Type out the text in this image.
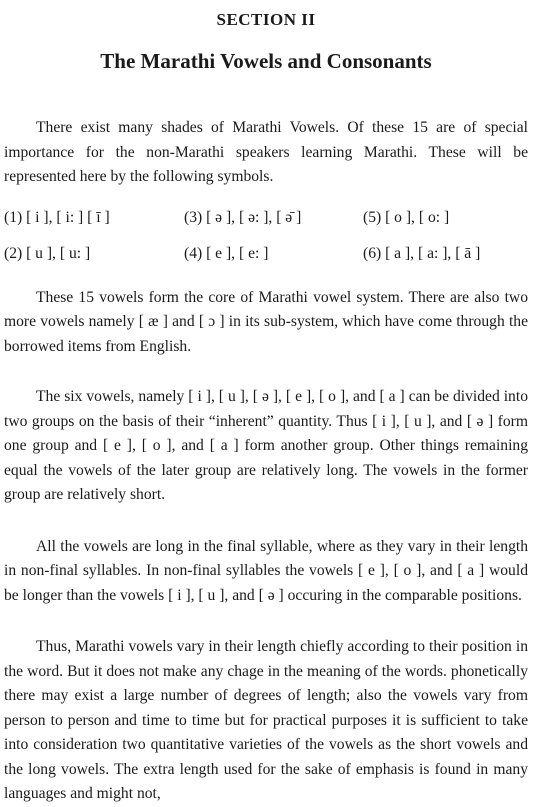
SECTION II
The Marathi Vowels and Consonants

There exist many shades of Marathi Vowels. Of these 15 are of special importance for the non-Marathi speakers learning Marathi. These will be represented here by the following symbols.

(1) [ i ], [ i: ] [ ī ]	(3) [ ə ], [ ə: ], [ ə̄ ]	(5) [ o ], [ o: ]
(2) [ u ], [ u: ]	(4) [ e ], [ e: ]	(6) [ a ], [ a: ], [ ā ]

These 15 vowels form the core of Marathi vowel system. There are also two more vowels namely [ æ ] and [ ɔ ] in its sub-system, which have come through the borrowed items from English.

The six vowels, namely [ i ], [ u ], [ ə ], [ e ], [ o ], and [ a ] can be divided into two groups on the basis of their “inherent” quantity. Thus [ i ], [ u ], and [ ə ] form one group and [ e ], [ o ], and [ a ] form another group. Other things remaining equal the vowels of the later group are relatively long. The vowels in the former group are relatively short.

All the vowels are long in the final syllable, where as they vary in their length in non-final syllables. In non-final syllables the vowels [ e ], [ o ], and [ a ] would be longer than the vowels [ i ], [ u ], and [ ə ] occuring in the comparable positions.

Thus, Marathi vowels vary in their length chiefly according to their position in the word. But it does not make any chage in the meaning of the words. phonetically there may exist a large number of degrees of length; also the vowels vary from person to person and time to time but for practical purposes it is sufficient to take into consideration two quantitative varieties of the vowels as the short vowels and the long vowels. The extra length used for the sake of emphasis is found in many languages and might not,
